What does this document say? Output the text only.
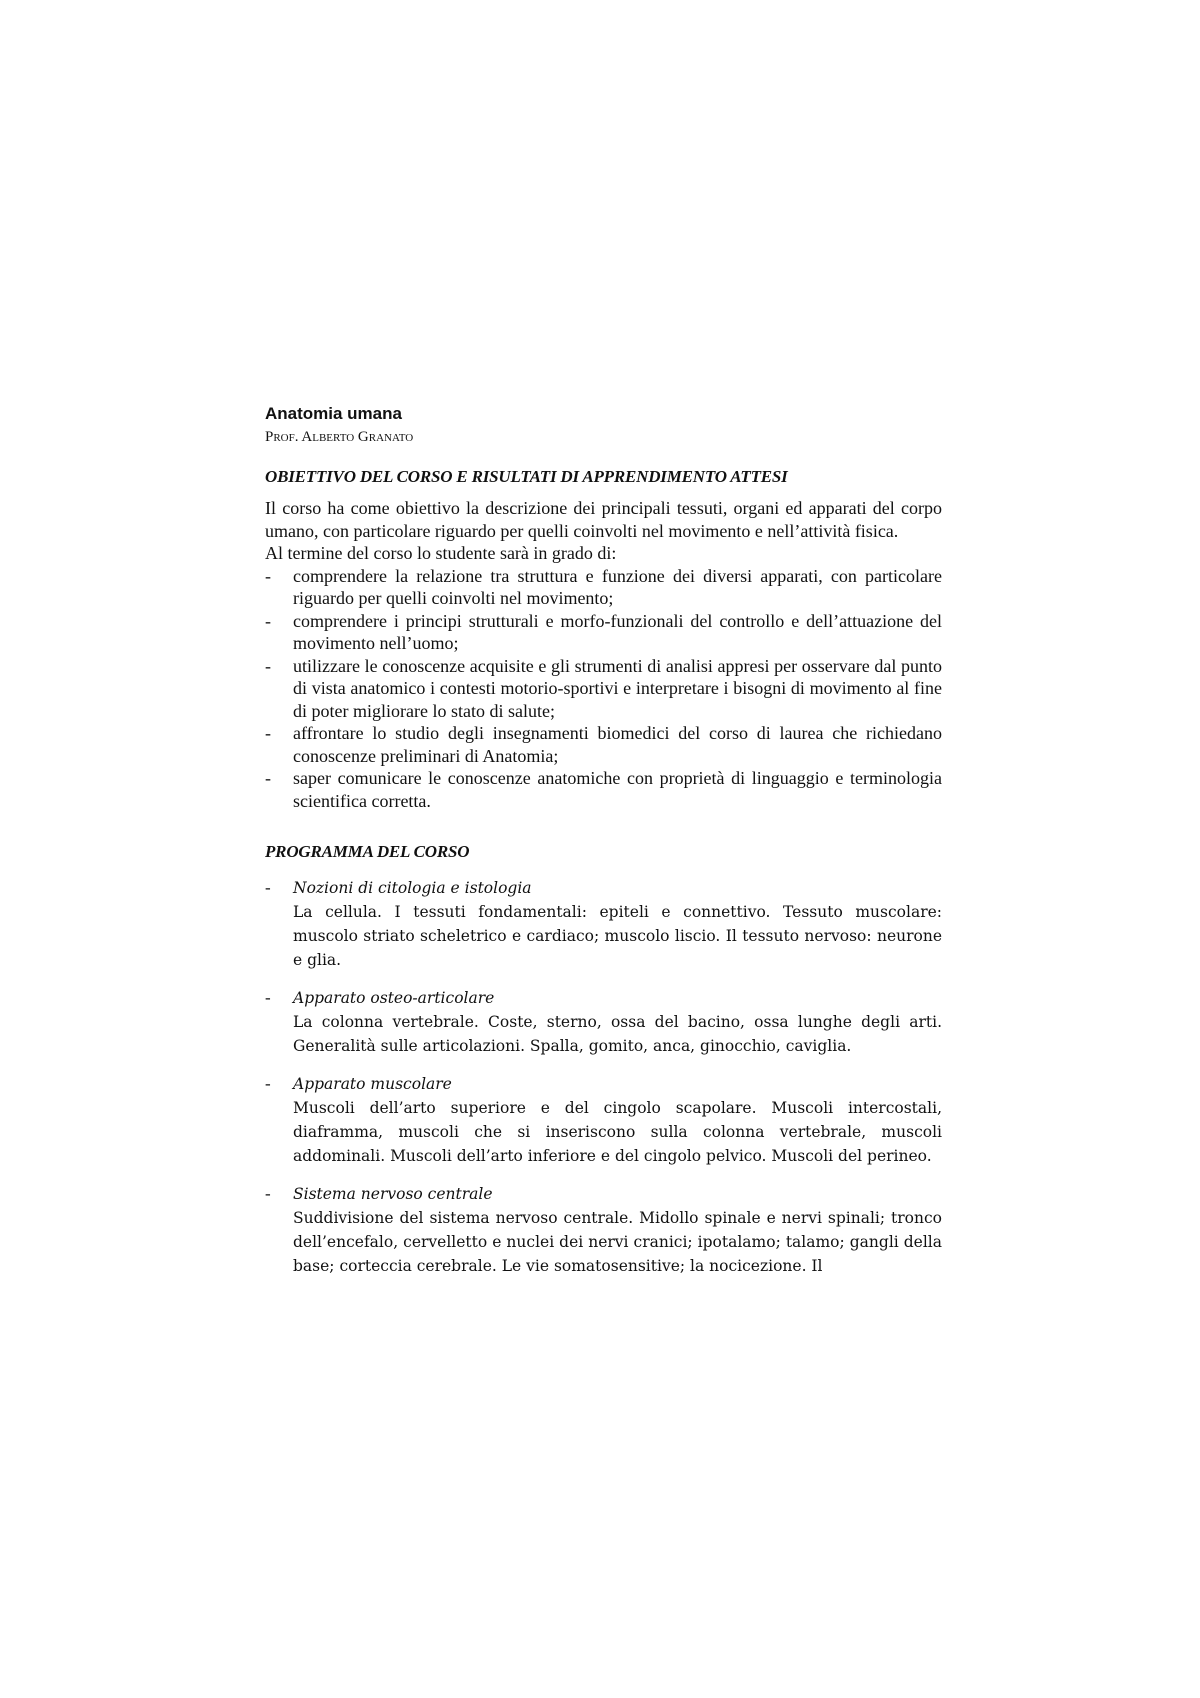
Anatomia umana

Prof. Alberto Granato

OBIETTIVO DEL CORSO E RISULTATI DI APPRENDIMENTO ATTESI

Il corso ha come obiettivo la descrizione dei principali tessuti, organi ed apparati del corpo umano, con particolare riguardo per quelli coinvolti nel movimento e nell’attività fisica.

Al termine del corso lo studente sarà in grado di:

- comprendere la relazione tra struttura e funzione dei diversi apparati, con particolare riguardo per quelli coinvolti nel movimento;
- comprendere i principi strutturali e morfo-funzionali del controllo e dell’attuazione del movimento nell’uomo;
- utilizzare le conoscenze acquisite e gli strumenti di analisi appresi per osservare dal punto di vista anatomico i contesti motorio-sportivi e interpretare i bisogni di movimento al fine di poter migliorare lo stato di salute;
- affrontare lo studio degli insegnamenti biomedici del corso di laurea che richiedano conoscenze preliminari di Anatomia;
- saper comunicare le conoscenze anatomiche con proprietà di linguaggio e terminologia scientifica corretta.

PROGRAMMA DEL CORSO

- Nozioni di citologia e istologia

La cellula. I tessuti fondamentali: epiteli e connettivo. Tessuto muscolare: muscolo striato scheletrico e cardiaco; muscolo liscio. Il tessuto nervoso: neurone e glia.

- Apparato osteo-articolare

La colonna vertebrale. Coste, sterno, ossa del bacino, ossa lunghe degli arti. Generalità sulle articolazioni. Spalla, gomito, anca, ginocchio, caviglia.

- Apparato muscolare

Muscoli dell’arto superiore e del cingolo scapolare. Muscoli intercostali, diaframma, muscoli che si inseriscono sulla colonna vertebrale, muscoli addominali. Muscoli dell’arto inferiore e del cingolo pelvico. Muscoli del perineo.

- Sistema nervoso centrale

Suddivisione del sistema nervoso centrale. Midollo spinale e nervi spinali; tronco dell’encefalo, cervelletto e nuclei dei nervi cranici; ipotalamo; talamo; gangli della base; corteccia cerebrale. Le vie somatosensitive; la nocicezione. Il
